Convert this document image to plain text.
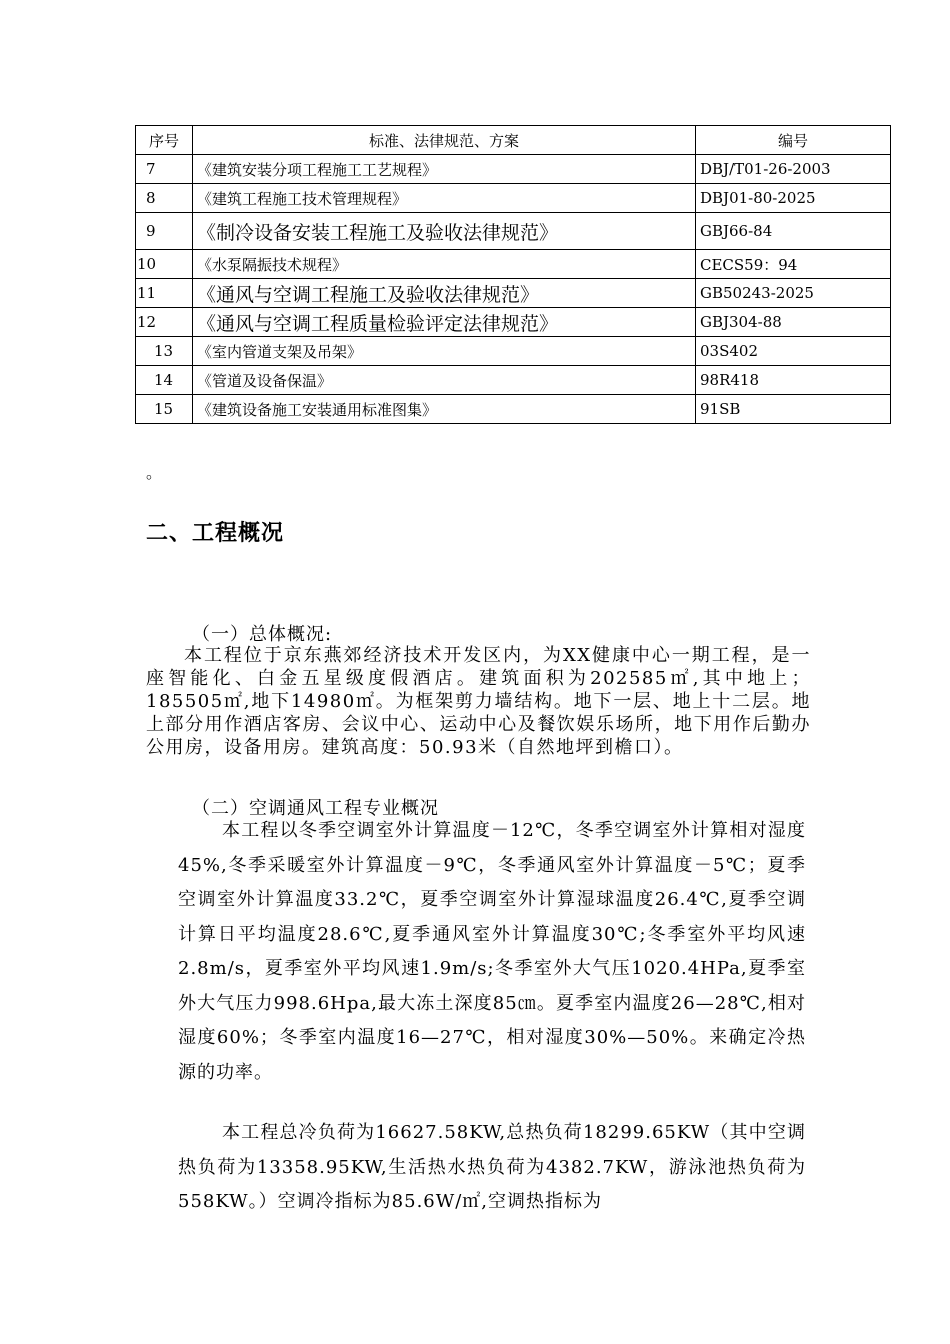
序号	标准、法律规范、方案	编号
7	《建筑安装分项工程施工工艺规程》	DBJ/T01-26-2003
8	《建筑工程施工技术管理规程》	DBJ01-80-2025
9	《制冷设备安装工程施工及验收法律规范》	GBJ66-84
10	《水泵隔振技术规程》	CECS59：94
11	《通风与空调工程施工及验收法律规范》	GB50243-2025
12	《通风与空调工程质量检验评定法律规范》	GBJ304-88
13	《室内管道支架及吊架》	03S402
14	《管道及设备保温》	98R418
15	《建筑设备施工安装通用标准图集》	91SB
。
二、工程概况
（一）总体概况:

本工程位于京东燕郊经济技术开发区内，为XX健康中心一期工程，是一座智能化、白金五星级度假酒店。建筑面积为202585㎡,其中地上；185505㎡,地下14980㎡。为框架剪力墙结构。地下一层、地上十二层。地上部分用作酒店客房、会议中心、运动中心及餐饮娱乐场所，地下用作后勤办公用房，设备用房。建筑高度：50.93米（自然地坪到檐口）。

（二）空调通风工程专业概况

本工程以冬季空调室外计算温度－12℃，冬季空调室外计算相对湿度45%,冬季采暖室外计算温度－9℃，冬季通风室外计算温度－5℃；夏季空调室外计算温度33.2℃，夏季空调室外计算湿球温度26.4℃,夏季空调计算日平均温度28.6℃,夏季通风室外计算温度30℃;冬季室外平均风速2.8m/s，夏季室外平均风速1.9m/s;冬季室外大气压1020.4HPa,夏季室外大气压力998.6Hpa,最大冻土深度85㎝。夏季室内温度26—28℃,相对湿度60%；冬季室内温度16—27℃，相对湿度30%—50%。来确定冷热源的功率。

本工程总冷负荷为16627.58KW,总热负荷18299.65KW（其中空调热负荷为13358.95KW,生活热水热负荷为4382.7KW，游泳池热负荷为558KW。）空调冷指标为85.6W/㎡,空调热指标为
